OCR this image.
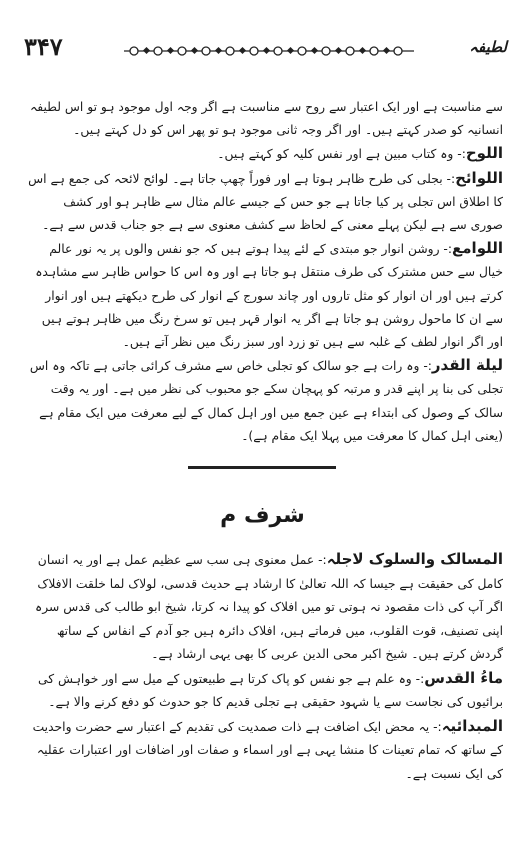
۳۴۷	لطیفہ

سے مناسبت ہے اور ایک اعتبار سے روح سے مناسبت ہے اگر وجہ اول موجود ہو تو اس لطیفہ انسانیہ کو صدر کہتے ہیں۔ اور اگر وجہ ثانی موجود ہو تو پھر اس کو دل کہتے ہیں۔

اللوح:- وہ کتاب مبین ہے اور نفس کلیہ کو کہتے ہیں۔

اللوائح:- بجلی کی طرح ظاہر ہوتا ہے اور فوراً چھپ جاتا ہے۔ لوائح لائحہ کی جمع ہے اس کا اطلاق اس تجلی پر کیا جاتا ہے جو حس کے جیسے عالم مثال سے ظاہر ہو اور کشف صوری سے ہے لیکن پہلے معنی کے لحاظ سے کشف معنوی سے ہے جو جناب قدس سے ہے۔

اللوامع:- روشن انوار جو مبتدی کے لئے پیدا ہوتے ہیں کہ جو نفس والوں پر یہ نور عالم خیال سے حس مشترک کی طرف منتقل ہو جاتا ہے اور وہ اس کا حواس ظاہر سے مشاہدہ کرتے ہیں اور ان انوار کو مثل تاروں اور چاند سورج کے انوار کی طرح دیکھتے ہیں اور انوار سے ان کا ماحول روشن ہو جاتا ہے اگر یہ انوار قہر ہیں تو سرخ رنگ میں ظاہر ہوتے ہیں اور اگر انوار لطف کے غلبہ سے ہیں تو زرد اور سبز رنگ میں نظر آتے ہیں۔

لیلة القدر:- وہ رات ہے جو سالک کو تجلی خاص سے مشرف کرائی جاتی ہے تاکہ وہ اس تجلی کی بنا پر اپنے قدر و مرتبہ کو پہچان سکے جو محبوب کی نظر میں ہے۔ اور یہ وقت سالک کے وصول کی ابتداء ہے عین جمع میں اور اہل کمال کے لیے معرفت میں ایک مقام ہے (یعنی اہل کمال کا معرفت میں پہلا ایک مقام ہے)۔

شرف م

المسالک والسلوک لاجلہ:- عمل معنوی ہی سب سے عظیم عمل ہے اور یہ انسان کامل کی حقیقت ہے جیسا کہ اللہ تعالیٰ کا ارشاد ہے حدیث قدسی، لولاک لما خلقت الافلاک اگر آپ کی ذات مقصود نہ ہوتی تو میں افلاک کو پیدا نہ کرتا، شیخ ابو طالب کی قدس سرہ اپنی تصنیف، قوت القلوب، میں فرماتے ہیں، افلاک دائرہ ہیں جو آدم کے انفاس کے ساتھ گردش کرتے ہیں۔ شیخ اکبر محی الدین عربی کا بھی یہی ارشاد ہے۔

ماءُ القدس:- وہ علم ہے جو نفس کو پاک کرتا ہے طبیعتوں کے میل سے اور خواہش کی برائیوں کی نجاست سے یا شہود حقیقی ہے تجلی قدیم کا جو حدوث کو دفع کرنے والا ہے۔

المبدائیہ:- یہ محض ایک اضافت ہے ذات صمدیت کی تقدیم کے اعتبار سے حضرت واحدیت کے ساتھ کہ تمام تعینات کا منشا یہی ہے اور اسماء و صفات اور اضافات اور اعتبارات عقلیہ کی ایک نسبت ہے۔
